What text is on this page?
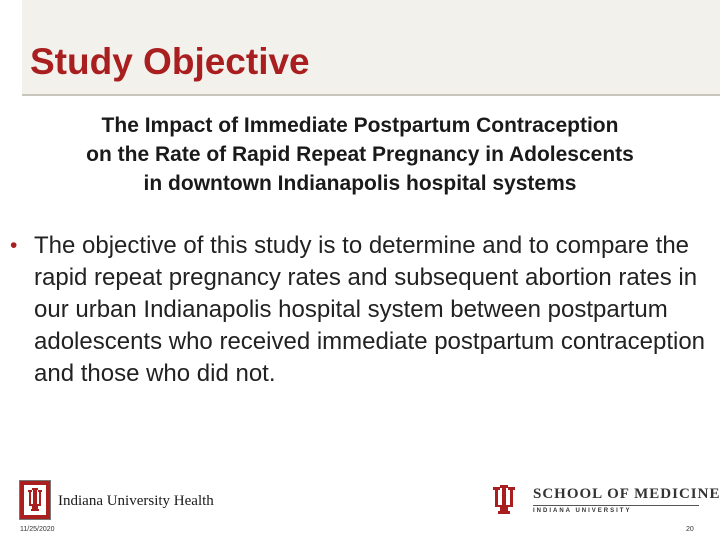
Study Objective
The Impact of Immediate Postpartum Contraception
on the Rate of Rapid Repeat Pregnancy in Adolescents
in downtown Indianapolis hospital systems
• The objective of this study is to determine and to compare the rapid repeat pregnancy rates and subsequent abortion rates in our urban Indianapolis hospital system between postpartum adolescents who received immediate postpartum contraception and those who did not.
Indiana University Health	SCHOOL OF MEDICINE
INDIANA UNIVERSITY
11/25/2020	20
